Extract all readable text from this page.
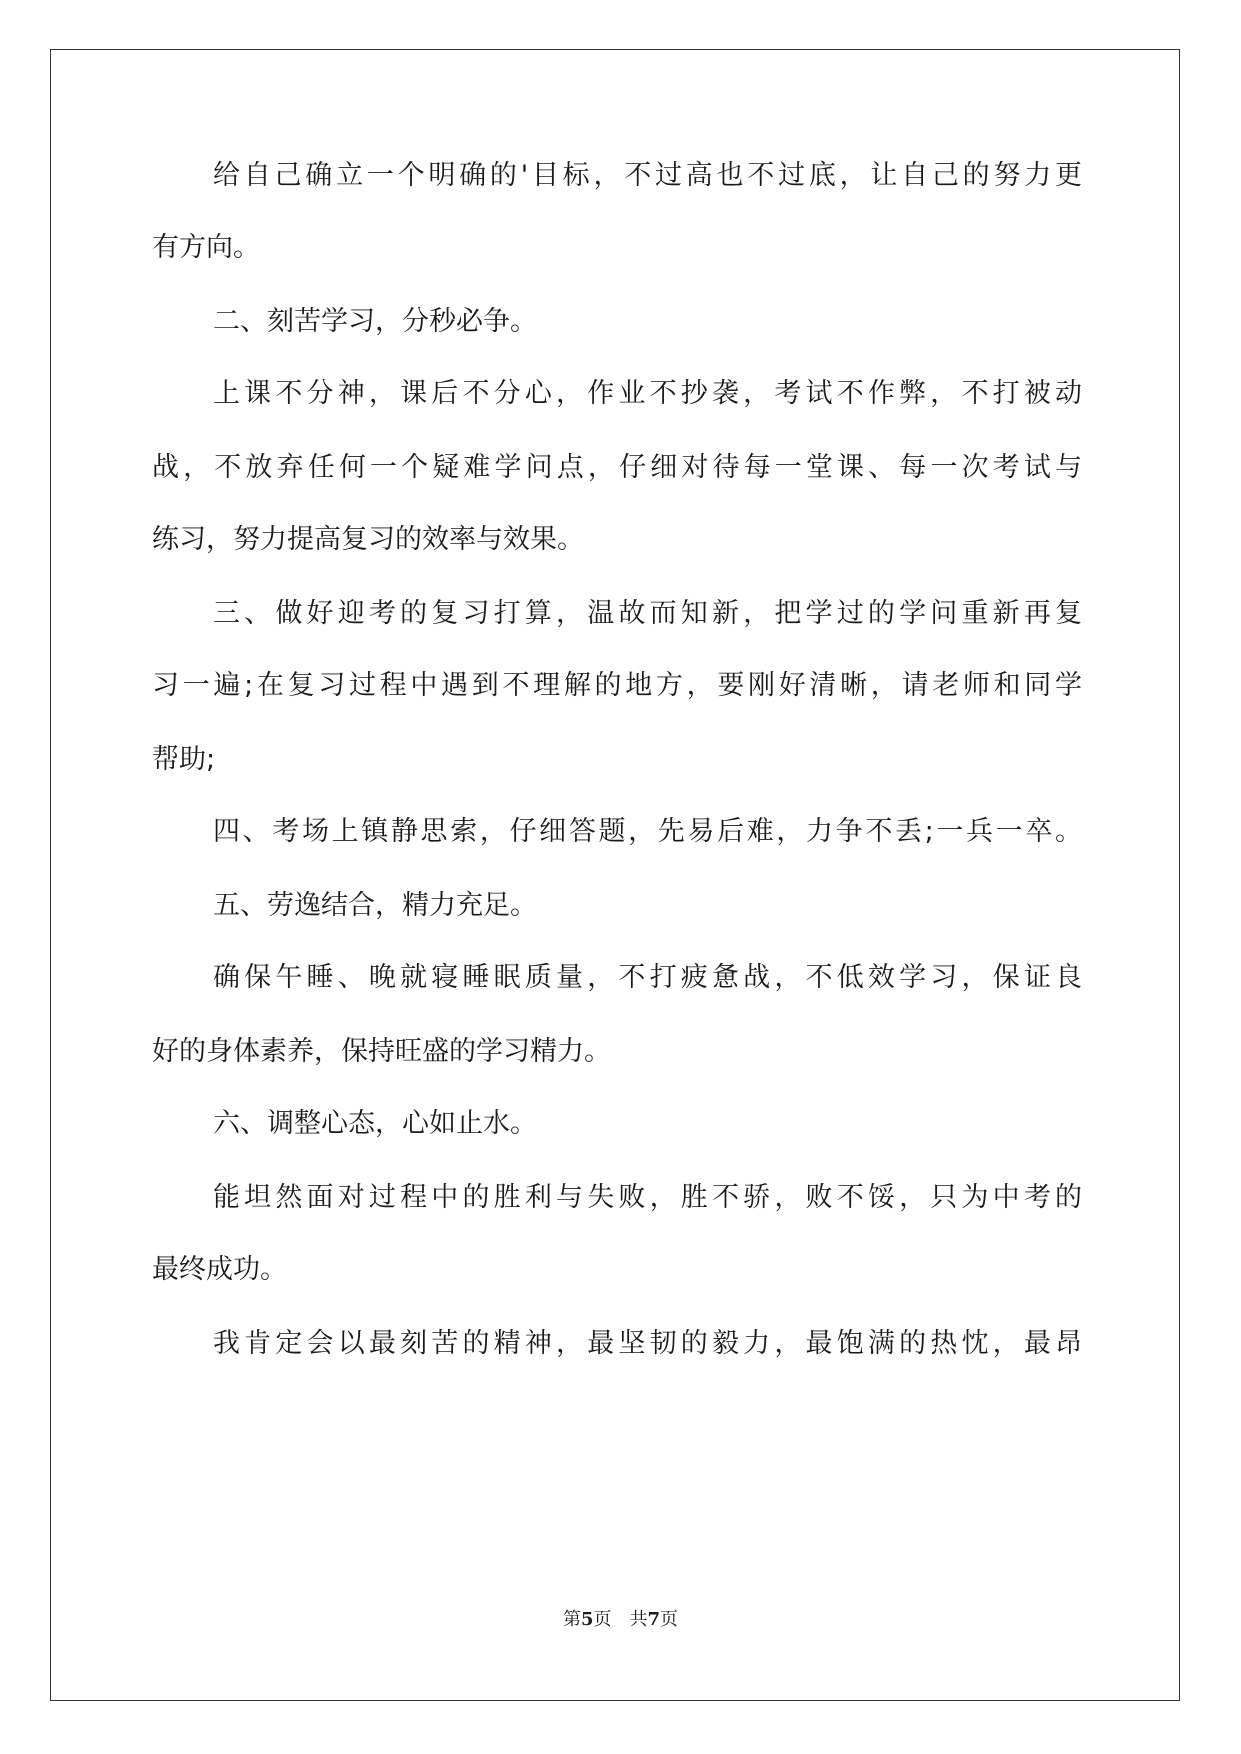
给自己确立一个明确的'目标，不过高也不过底，让自己的努力更
有方向。
二、刻苦学习，分秒必争。
上课不分神，课后不分心，作业不抄袭，考试不作弊，不打被动
战，不放弃任何一个疑难学问点，仔细对待每一堂课、每一次考试与
练习，努力提高复习的效率与效果。
三、做好迎考的复习打算，温故而知新，把学过的学问重新再复
习一遍;在复习过程中遇到不理解的地方，要刚好清晰，请老师和同学
帮助;
四、考场上镇静思索，仔细答题，先易后难，力争不丢;一兵一卒。
五、劳逸结合，精力充足。
确保午睡、晚就寝睡眠质量，不打疲惫战，不低效学习，保证良
好的身体素养，保持旺盛的学习精力。
六、调整心态，心如止水。
能坦然面对过程中的胜利与失败，胜不骄，败不馁，只为中考的
最终成功。
我肯定会以最刻苦的精神，最坚韧的毅力，最饱满的热忱，最昂
第5页 共7页
